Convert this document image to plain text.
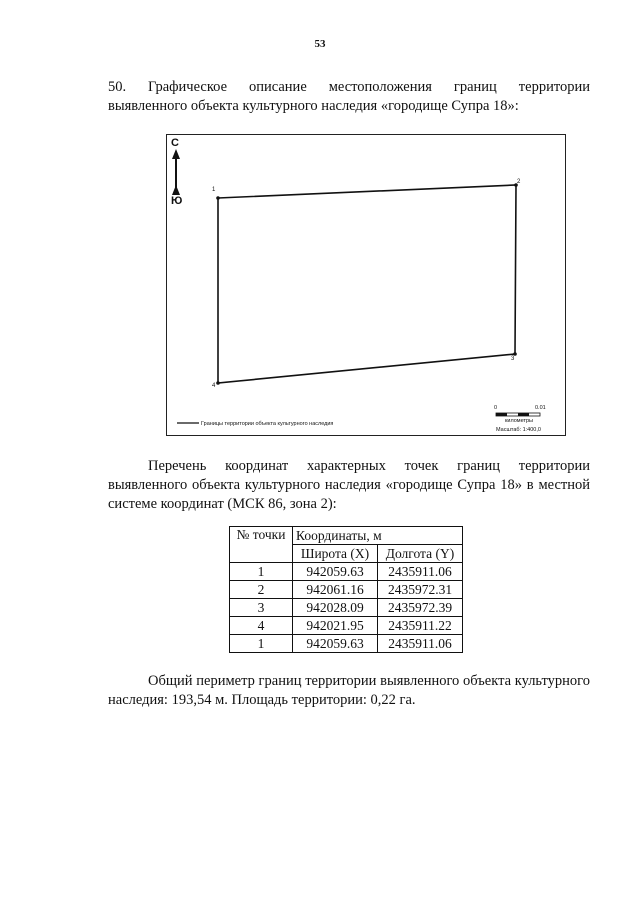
53
50. Графическое описание местоположения границ территории выявленного объекта культурного наследия «городище Супра 18»:
С
Ю
1
2
3
4
Границы территории объекта культурного наследия
0	0.01
километры
Масштаб: 1:400,0
Перечень координат характерных точек границ территории выявленного объекта культурного наследия «городище Супра 18» в местной системе координат (МСК 86, зона 2):
№ точки	Координаты, м	
	Широта (X)	Долгота (Y)
1	942059.63	2435911.06
2	942061.16	2435972.31
3	942028.09	2435972.39
4	942021.95	2435911.22
1	942059.63	2435911.06
Общий периметр границ территории выявленного объекта культурного наследия: 193,54 м. Площадь территории: 0,22 га.
